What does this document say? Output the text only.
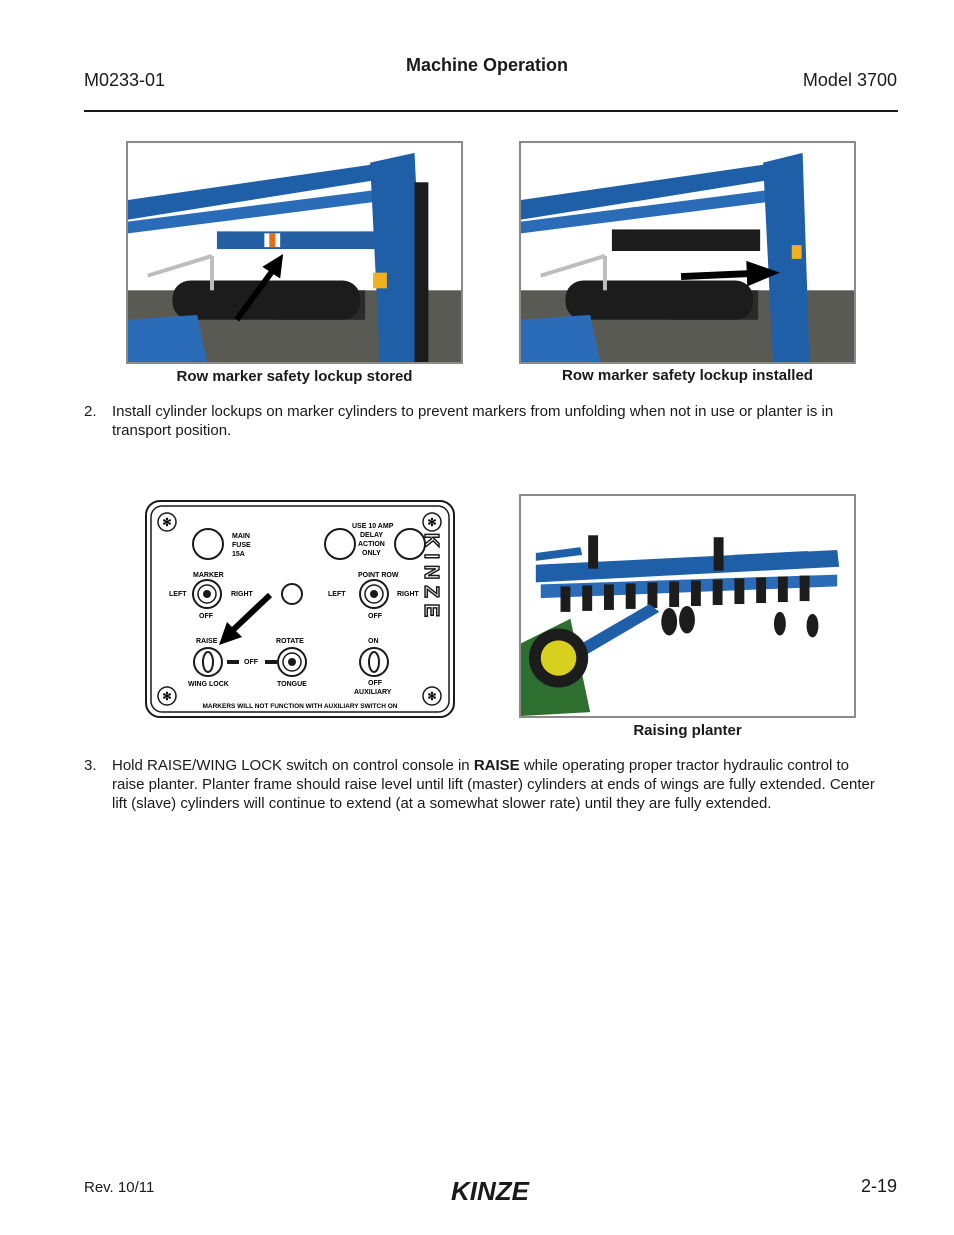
M0233-01
Machine Operation
Model 3700
Row marker safety lockup stored	Row marker safety lockup installed
2. Install cylinder lockups on marker cylinders to prevent markers from unfolding when not in use or planter is in transport position.
✻	✻
✻	✻
MAIN
FUSE
15A
USE 10 AMP
DELAY
ACTION
ONLY
MARKER
LEFT	RIGHT
OFF
POINT ROW
LEFT	RIGHT
OFF
RAISE
WING LOCK
OFF
ROTATE
TONGUE
ON
OFF
AUXILIARY
MARKERS WILL NOT FUNCTION WITH AUXILIARY SWITCH ON
KINZE
Raising planter
3. Hold RAISE/WING LOCK switch on control console in RAISE while operating proper tractor hydraulic control to raise planter. Planter frame should raise level until lift (master) cylinders at ends of wings are fully extended. Center lift (slave) cylinders will continue to extend (at a somewhat slower rate) until they are fully extended.
Rev. 10/11	KINZE	2-19
